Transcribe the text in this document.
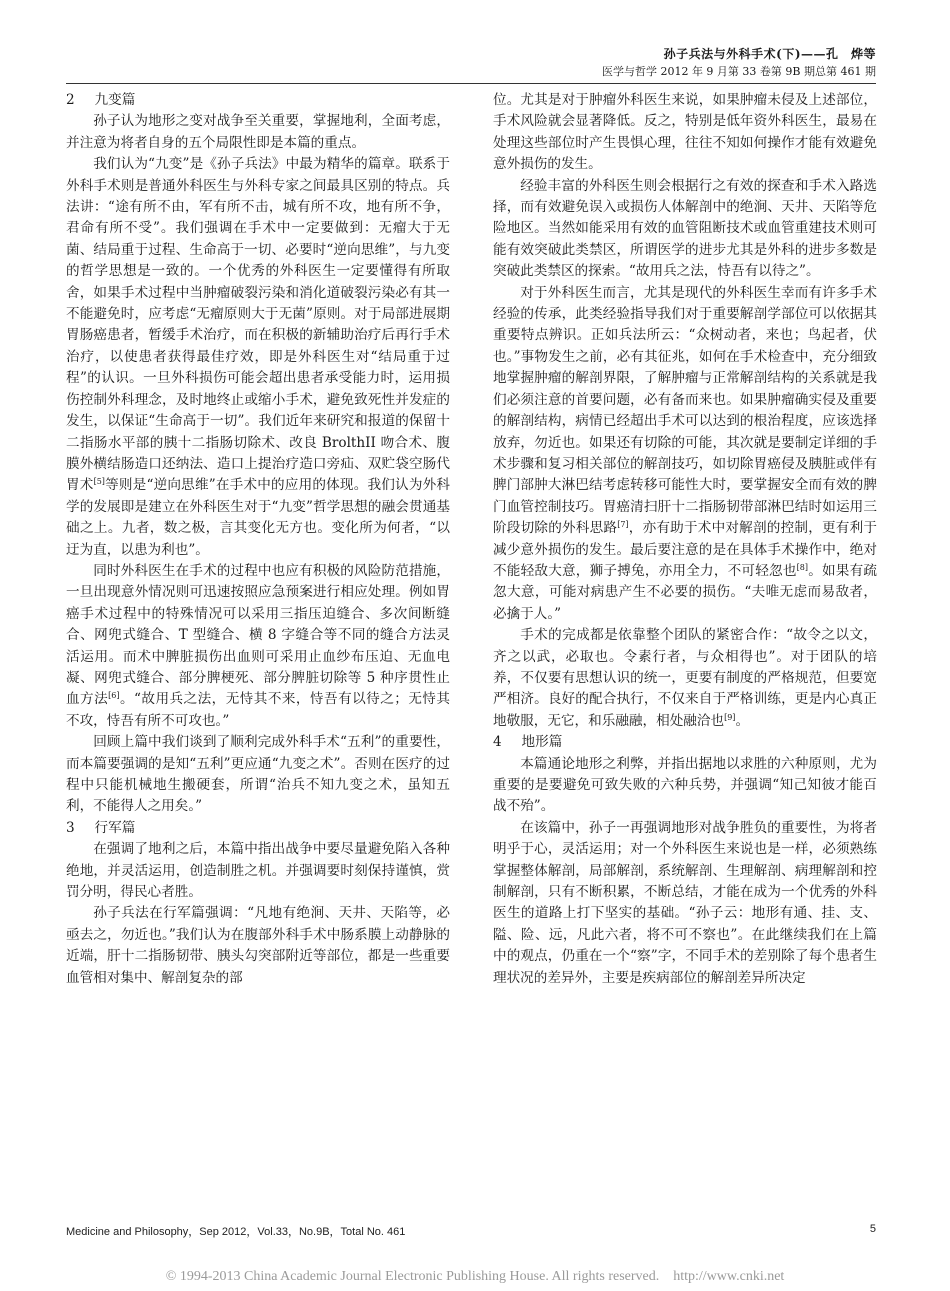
孙子兵法与外科手术(下)——孔　烨等
医学与哲学 2012 年 9 月第 33 卷第 9B 期总第 461 期
2 九变篇

孙子认为地形之变对战争至关重要，掌握地利，全面考虑，并注意为将者自身的五个局限性即是本篇的重点。

我们认为“九变”是《孙子兵法》中最为精华的篇章。联系于外科手术则是普通外科医生与外科专家之间最具区别的特点。兵法讲：“途有所不由，军有所不击，城有所不攻，地有所不争，君命有所不受”。我们强调在手术中一定要做到：无瘤大于无菌、结局重于过程、生命高于一切、必要时“逆向思维”，与九变的哲学思想是一致的。一个优秀的外科医生一定要懂得有所取舍，如果手术过程中当肿瘤破裂污染和消化道破裂污染必有其一不能避免时，应考虑“无瘤原则大于无菌”原则。对于局部进展期胃肠癌患者，暂缓手术治疗，而在积极的新辅助治疗后再行手术治疗，以使患者获得最佳疗效，即是外科医生对“结局重于过程”的认识。一旦外科损伤可能会超出患者承受能力时，运用损伤控制外科理念，及时地终止或缩小手术，避免致死性并发症的发生，以保证“生命高于一切”。我们近年来研究和报道的保留十二指肠水平部的胰十二指肠切除术、改良 BrolthII 吻合术、腹膜外横结肠造口还纳法、造口上提治疗造口旁疝、双贮袋空肠代胃术[5]等则是“逆向思维”在手术中的应用的体现。我们认为外科学的发展即是建立在外科医生对于“九变”哲学思想的融会贯通基础之上。九者，数之极，言其变化无方也。变化所为何者，“以迂为直，以患为利也”。

同时外科医生在手术的过程中也应有积极的风险防范措施，一旦出现意外情况则可迅速按照应急预案进行相应处理。例如胃癌手术过程中的特殊情况可以采用三指压迫缝合、多次间断缝合、网兜式缝合、T 型缝合、横 8 字缝合等不同的缝合方法灵活运用。而术中脾脏损伤出血则可采用止血纱布压迫、无血电凝、网兜式缝合、部分脾梗死、部分脾脏切除等 5 种序贯性止血方法[6]。“故用兵之法，无恃其不来，恃吾有以待之；无恃其不攻，恃吾有所不可攻也。”

回顾上篇中我们谈到了顺利完成外科手术“五利”的重要性，而本篇要强调的是知“五利”更应通“九变之术”。否则在医疗的过程中只能机械地生搬硬套，所谓“治兵不知九变之术，虽知五利，不能得人之用矣。”

3 行军篇

在强调了地利之后，本篇中指出战争中要尽量避免陷入各种绝地，并灵活运用，创造制胜之机。并强调要时刻保持谨慎，赏罚分明，得民心者胜。

孙子兵法在行军篇强调：“凡地有绝涧、天井、天陷等，必亟去之，勿近也。”我们认为在腹部外科手术中肠系膜上动静脉的近端，肝十二指肠韧带、胰头勾突部附近等部位，都是一些重要血管相对集中、解剖复杂的部

位。尤其是对于肿瘤外科医生来说，如果肿瘤未侵及上述部位，手术风险就会显著降低。反之，特别是低年资外科医生，最易在处理这些部位时产生畏惧心理，往往不知如何操作才能有效避免意外损伤的发生。

经验丰富的外科医生则会根据行之有效的探查和手术入路选择，而有效避免误入或损伤人体解剖中的绝涧、天井、天陷等危险地区。当然如能采用有效的血管阻断技术或血管重建技术则可能有效突破此类禁区，所谓医学的进步尤其是外科的进步多数是突破此类禁区的探索。“故用兵之法，恃吾有以待之”。

对于外科医生而言，尤其是现代的外科医生幸而有许多手术经验的传承，此类经验指导我们对于重要解剖学部位可以依据其重要特点辨识。正如兵法所云：“众树动者，来也；鸟起者，伏也。”事物发生之前，必有其征兆，如何在手术检查中，充分细致地掌握肿瘤的解剖界限，了解肿瘤与正常解剖结构的关系就是我们必须注意的首要问题，必有备而来也。如果肿瘤确实侵及重要的解剖结构，病情已经超出手术可以达到的根治程度，应该选择放弃，勿近也。如果还有切除的可能，其次就是要制定详细的手术步骤和复习相关部位的解剖技巧，如切除胃癌侵及胰脏或伴有脾门部肿大淋巴结考虑转移可能性大时，要掌握安全而有效的脾门血管控制技巧。胃癌清扫肝十二指肠韧带部淋巴结时如运用三阶段切除的外科思路[7]，亦有助于术中对解剖的控制，更有利于减少意外损伤的发生。最后要注意的是在具体手术操作中，绝对不能轻敌大意，狮子搏兔，亦用全力，不可轻忽也[8]。如果有疏忽大意，可能对病患产生不必要的损伤。“夫唯无虑而易敌者，必擒于人。”

手术的完成都是依靠整个团队的紧密合作：“故令之以文，齐之以武，必取也。令素行者，与众相得也”。对于团队的培养，不仅要有思想认识的统一，更要有制度的严格规范，但要宽严相济。良好的配合执行，不仅来自于严格训练，更是内心真正地敬服，无它，和乐融融，相处融洽也[9]。

4 地形篇

本篇通论地形之利弊，并指出据地以求胜的六种原则，尤为重要的是要避免可致失败的六种兵势，并强调“知己知彼才能百战不殆”。

在该篇中，孙子一再强调地形对战争胜负的重要性，为将者明乎于心，灵活运用；对一个外科医生来说也是一样，必须熟练掌握整体解剖，局部解剖，系统解剖、生理解剖、病理解剖和控制解剖，只有不断积累，不断总结，才能在成为一个优秀的外科医生的道路上打下坚实的基础。“孙子云：地形有通、挂、支、隘、险、远，凡此六者，将不可不察也”。在此继续我们在上篇中的观点，仍重在一个“察”字，不同手术的差别除了每个患者生理状况的差异外，主要是疾病部位的解剖差异所决定

Medicine and Philosophy，Sep 2012，Vol.33，No.9B，Total No. 461	5
© 1994-2013 China Academic Journal Electronic Publishing House. All rights reserved.　http://www.cnki.net
